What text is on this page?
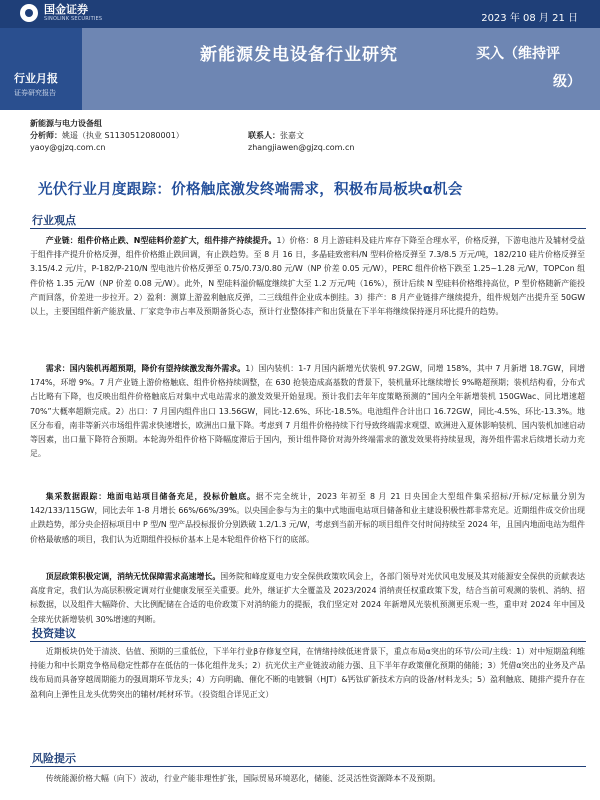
国金证券
SINOLINK SECURITIES	2023 年 08 月 21 日
新能源发电设备行业研究	买入（维持评
级）
行业月报
证券研究报告
新能源与电力设备组
分析师：姚遥（执业 S1130512080001）	联系人：张嘉文
yaoy@gjzq.com.cn	zhangjiawen@gjzq.com.cn
光伏行业月度跟踪：价格触底激发终端需求，积极布局板块α机会
行业观点
产业链：组件价格止跌、N型硅料价差扩大，组件排产持续提升。1）价格：8 月上游硅料及硅片库存下降至合理水平，价格反弹，下游电池片及辅材受益于组件排产提升价格反弹，组件价格維止跌回调，有止跌趋势。至 8 月 16 日，多晶硅致密料/N 型料价格反弹至 7.3/8.5 万元/吨，182/210 硅片价格反弹至 3.15/4.2 元/片，P-182/P-210/N 型电池片价格反弹至 0.75/0.73/0.80 元/W（NP 价差 0.05 元/W），PERC 组件价格下跌至 1.25~1.28 元/W，TOPCon 组件价格 1.35 元/W（NP 价差 0.08 元/W）。此外，N 型硅料溢价幅度继续扩大至 1.2 万元/吨（16%），预计后续 N 型硅料价格维持高位，P 型价格随新产能投产而回落，价差进一步拉开。2）盈利：测算上游盈利触底反弹，二三线组件企业成本倒挂。3）排产：8 月产业链排产继续提升，组件规划产出提升至 50GW 以上，主要国组件新产能放量、厂家竞争市占率及预期备货心态，预计行业整体排产和出货量在下半年将继续保持逐月环比提升的趋势。
需求：国内装机再超预期，降价有望持续激发海外需求。1）国内装机：1-7 月国内新增光伏装机 97.2GW，同增 158%，其中 7 月新增 18.7GW，同增 174%，环增 9%。7 月产业链上游价格触底、组件价格持续调整，在 630 抢装造成高基数的背景下，装机量环比继续增长 9%略超预期；装机结构看，分布式占比略有下降，也反映出组件价格触底后对集中式电站需求的激发效果开始显现。预计我们去年年度策略预测的“国内全年新增装机 150GWac、同比增速超 70%”大概率超额完成。2）出口：7 月国内组件出口 13.56GW，同比-12.6%、环比-18.5%。电池组件合计出口 16.72GW，同比-4.5%、环比-13.3%。地区分布看，南非等新兴市场组件需求快速增长，欧洲出口量下降。考虑到 7 月组件价格持续下行导致终端需求观望、欧洲进入夏休影响装机、国内装机加速启动等因素，出口量下降符合预期。本轮海外组件价格下降幅度滞后于国内，预计组件降价对海外终端需求的激发效果将持续显现，海外组件需求后续增长动力充足。
集采数据跟踪：地面电站项目储备充足，投标价触底。据不完全统计，2023 年初至 8 月 21 日央国企大型组件集采招标/开标/定标量分别为 142/133/115GW，同比去年 1-8 月增长 66%/66%/39%。以央国企参与为主的集中式地面电站项目储备和业主建设积极性都非常充足。近期组件成交价出现止跌趋势，部分央企招标项目中 P 型/N 型产品投标报价分别跌破 1.2/1.3 元/W，考虑到当前开标的项目组件交付时间持续至 2024 年，且国内地面电站为组件价格最敏感的项目，我们认为近期组件投标价基本上是本轮组件价格下行的底部。
顶层政策积极定调，消纳无忧保障需求高速增长。国务院和峰度夏电力安全保供政策吹风会上，各部门领导对光伏风电发展及其对能源安全保供的贡献表达高度肯定，我们认为高层积极定调对行业健康发展至关重要。此外，继证扩大全覆盖及 2023/2024 消纳责任权重政策下发，结合当前可观测的装机、消纳、招标数据，以及组件大幅降价、大比例配储在合适的电价政策下对消纳能力的提振，我们坚定对 2024 年新增风光装机预测更乐观一些，重申对 2024 年中国及全球光伏新增装机 30%增速的判断。
投资建议
近期板块仍处于清淡、估值、预期的三重低位，下半年行业β存修复空间，在情绪持续低迷背景下，重点布局α突出的环节/公司/主线：1）对中短期盈利维持能力和中长期竞争格局稳定性都存在低估的一体化组件龙头；2）抗光伏主产业链波动能力强、且下半年存政策催化预期的储能；3）凭借α突出的业务及产品线布局而具备穿越周期能力的强周期环节龙头；4）方向明确、催化不断的电镀铜（HJT）&钙钛矿新技术方向的设备/材料龙头；5）盈利触底、随排产提升存在盈利向上弹性且龙头优势突出的辅材/耗材环节。（投资组合详见正文）
风险提示
传统能源价格大幅（向下）波动，行业产能非理性扩张，国际贸易环境恶化，储能、泛灵活性资源降本不及预期。
